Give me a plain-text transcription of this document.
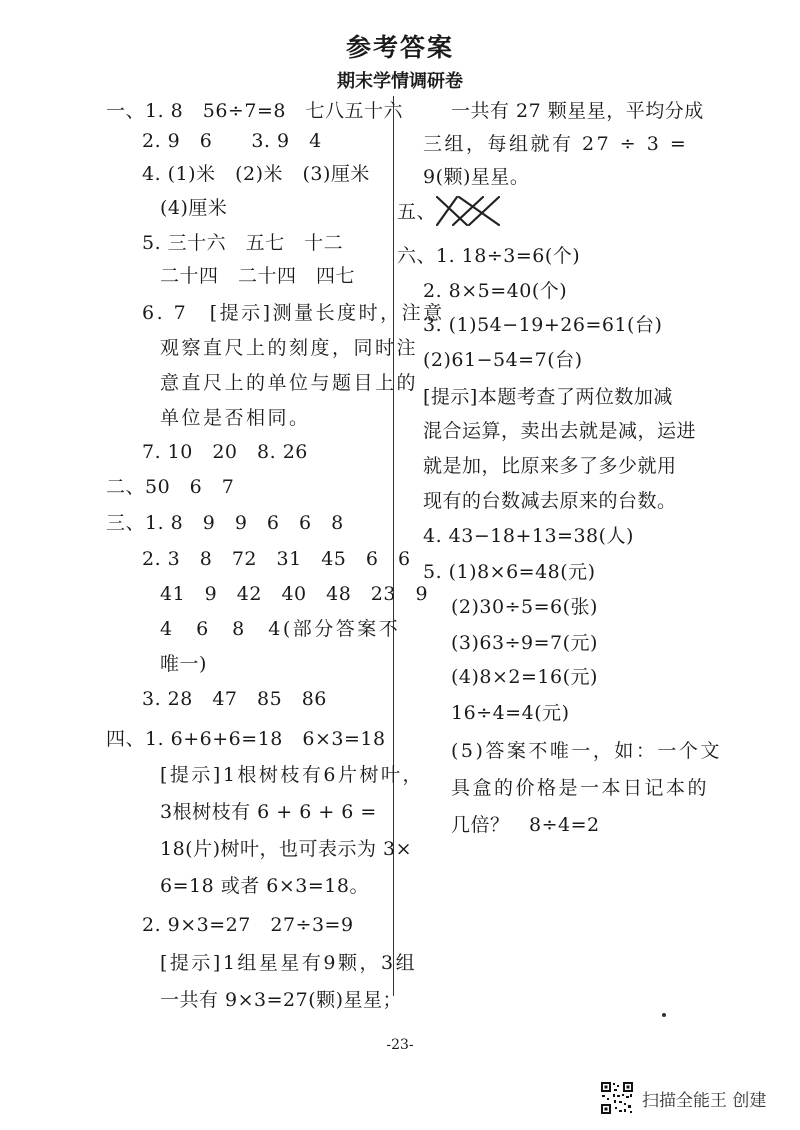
参考答案
期末学情调研卷
一、1. 8　56÷7=8　七八五十六
2. 9　6　　3. 9　4
4. (1)米　(2)米　(3)厘米
(4)厘米
5. 三十六　五七　十二
二十四　二十四　四七
6. 7　[提示]测量长度时，注意
观察直尺上的刻度，同时注
意直尺上的单位与题目上的
单位是否相同。
7. 10　20　8. 26
二、50　6　7
三、1. 8　9　9　6　6　8
2. 3　8　72　31　45　6　6
41　9　42　40　48　23　9
4　6　8　4(部分答案不
唯一)
3. 28　47　85　86
四、1. 6+6+6=18　6×3=18
[提示]1根树枝有6片树叶，
3根树枝有 6 + 6 + 6 =
18(片)树叶，也可表示为 3×
6=18 或者 6×3=18。
2. 9×3=27　27÷3=9
[提示]1组星星有9颗，3组
一共有 9×3=27(颗)星星；
一共有 27 颗星星，平均分成
三组，每组就有 27 ÷ 3 =
9(颗)星星。
五、
六、1. 18÷3=6(个)
2. 8×5=40(个)
3. (1)54−19+26=61(台)
(2)61−54=7(台)
[提示]本题考查了两位数加减
混合运算，卖出去就是减，运进
就是加，比原来多了多少就用
现有的台数减去原来的台数。
4. 43−18+13=38(人)
5. (1)8×6=48(元)
(2)30÷5=6(张)
(3)63÷9=7(元)
(4)8×2=16(元)
16÷4=4(元)
(5)答案不唯一，如：一个文
具盒的价格是一本日记本的
几倍？　8÷4=2
-23-
扫描全能王 创建
